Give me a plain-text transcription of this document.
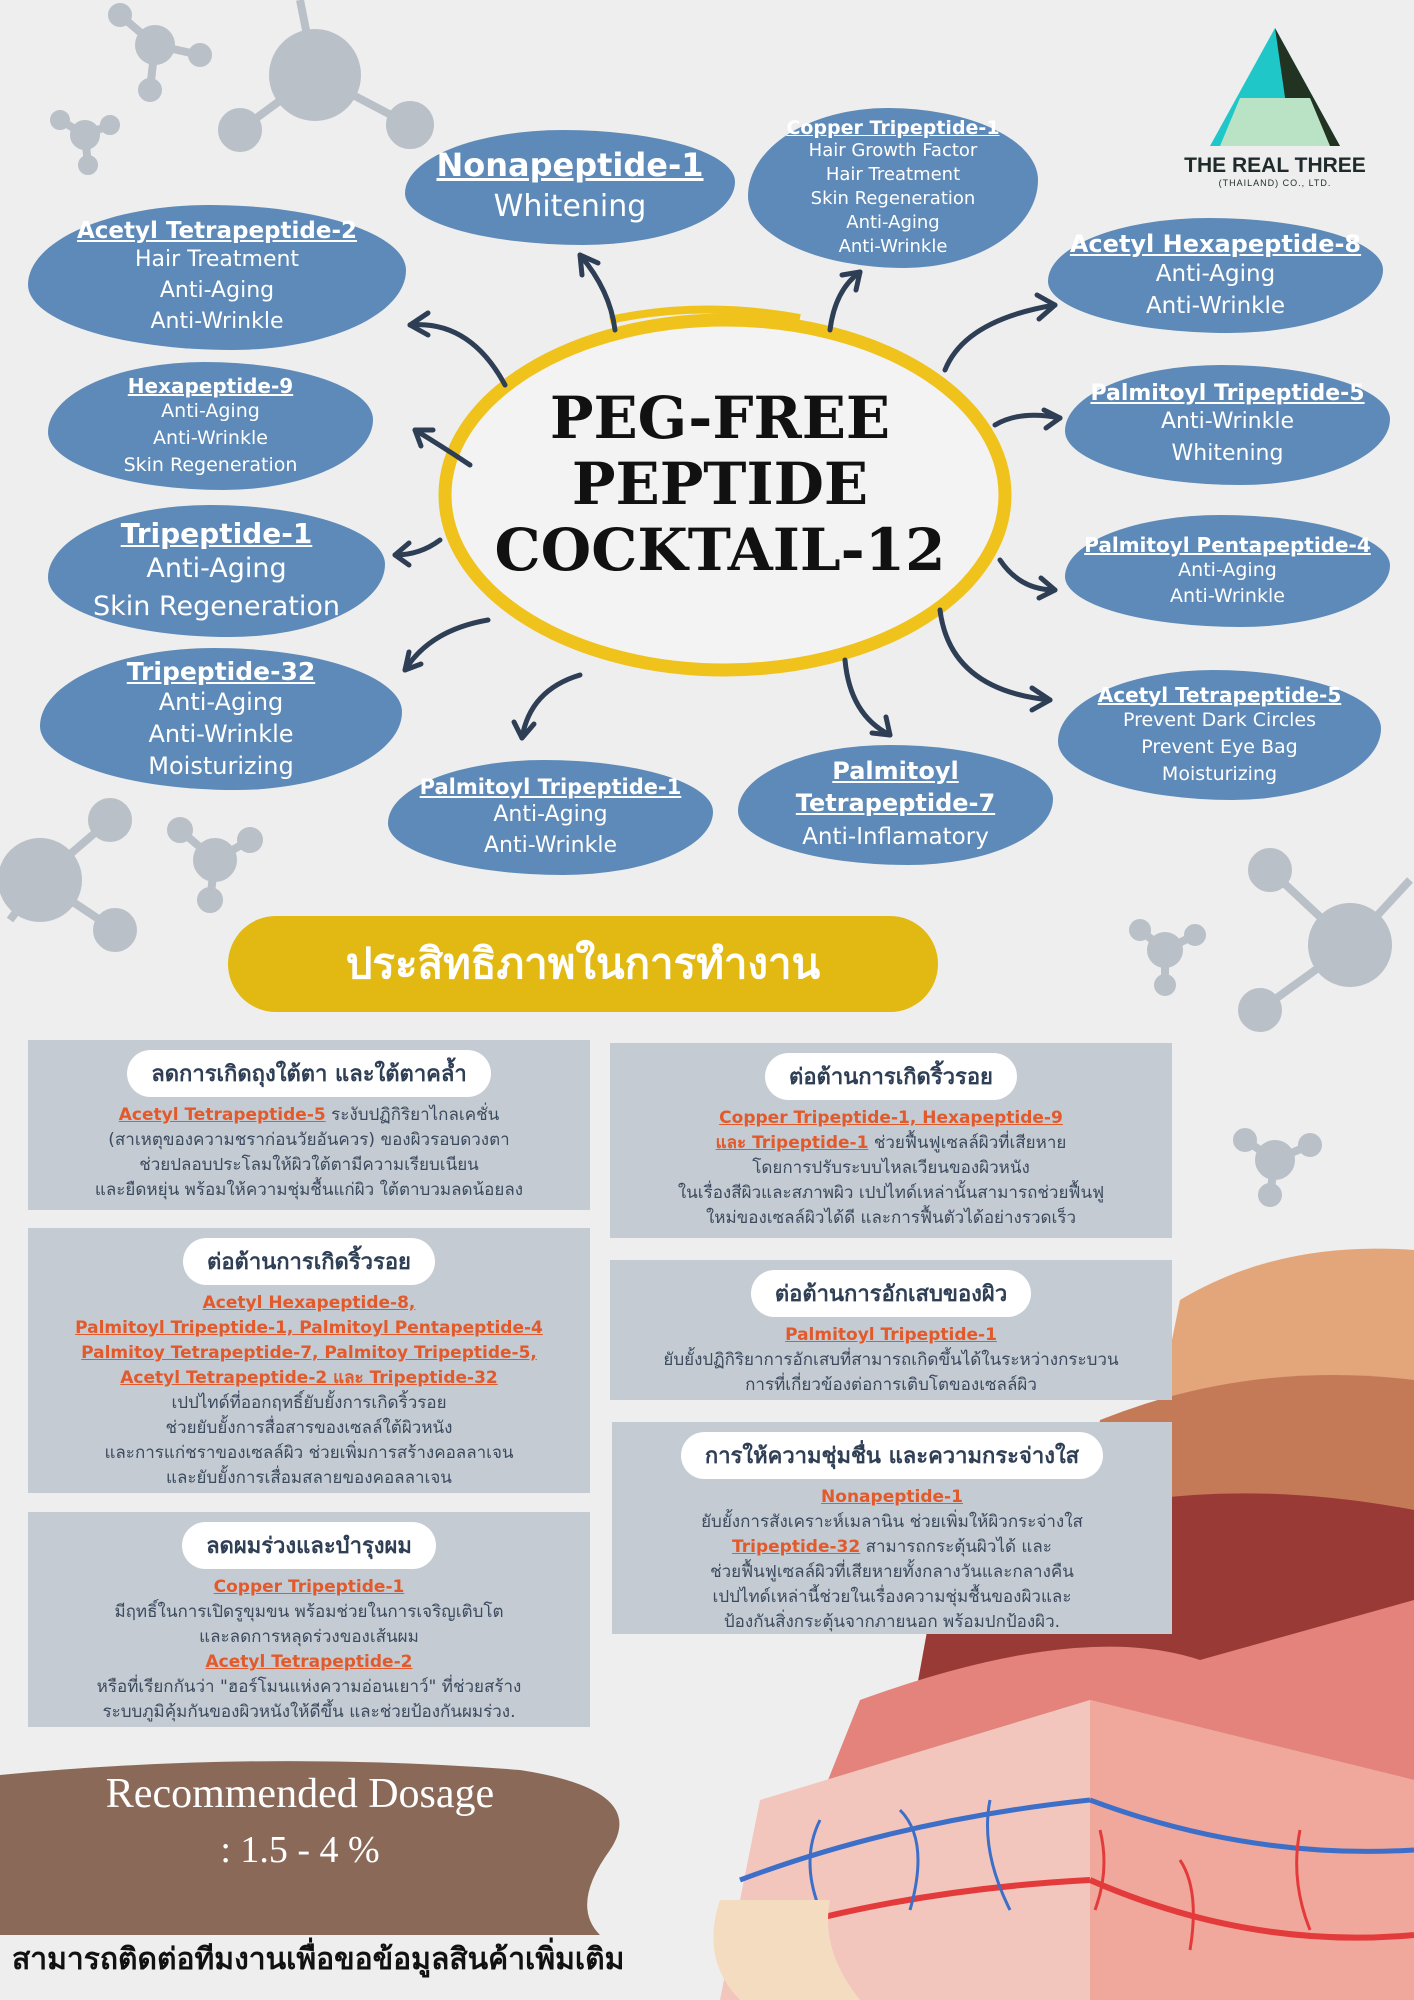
THE REAL THREE
(THAILAND) CO., LTD.
PEG-FREE
PEPTIDE
COCKTAIL-12
Acetyl Tetrapeptide-2
Hair Treatment
Anti-Aging
Anti-Wrinkle
Nonapeptide-1
Whitening
Copper Tripeptide-1
Hair Growth Factor
Hair Treatment
Skin Regeneration
Anti-Aging
Anti-Wrinkle	Acetyl Hexapeptide-8
Anti-Aging
Anti-Wrinkle
Hexapeptide-9
Anti-Aging
Anti-Wrinkle
Skin Regeneration
Palmitoyl Tripeptide-5
Anti-Wrinkle
Whitening
Tripeptide-1
Anti-Aging
Skin Regeneration
Palmitoyl Pentapeptide-4
Anti-Aging
Anti-Wrinkle
Tripeptide-32
Anti-Aging
Anti-Wrinkle
Moisturizing
Acetyl Tetrapeptide-5
Prevent Dark Circles
Prevent Eye Bag
Moisturizing
Palmitoyl Tripeptide-1
Anti-Aging
Anti-Wrinkle
Palmitoyl Tetrapeptide-7
Anti-Inflamatory
ประสิทธิภาพในการทำงาน
ลดการเกิดถุงใต้ตา และใต้ตาคล้ำ
Acetyl Tetrapeptide-5 ระงับปฏิกิริยาไกลเคชั่น
(สาเหตุของความชราก่อนวัยอันควร) ของผิวรอบดวงตา
ช่วยปลอบประโลมให้ผิวใต้ตามีความเรียบเนียน
และยืดหยุ่น พร้อมให้ความชุ่มชื้นแก่ผิว ใต้ตาบวมลดน้อยลง
ต่อต้านการเกิดริ้วรอย
Acetyl Hexapeptide-8,
Palmitoyl Tripeptide-1, Palmitoyl Pentapeptide-4
Palmitoy Tetrapeptide-7, Palmitoy Tripeptide-5,
Acetyl Tetrapeptide-2 และ Tripeptide-32
เปปไทด์ที่ออกฤทธิ์ยับยั้งการเกิดริ้วรอย
ช่วยยับยั้งการสื่อสารของเซลล์ใต้ผิวหนัง
และการแก่ชราของเซลล์ผิว ช่วยเพิ่มการสร้างคอลลาเจน
และยับยั้งการเสื่อมสลายของคอลลาเจน
ลดผมร่วงและบำรุงผม
Copper Tripeptide-1
มีฤทธิ์ในการเปิดรูขุมขน พร้อมช่วยในการเจริญเติบโต
และลดการหลุดร่วงของเส้นผม
Acetyl Tetrapeptide-2
หรือที่เรียกกันว่า "ฮอร์โมนแห่งความอ่อนเยาว์" ที่ช่วยสร้าง
ระบบภูมิคุ้มกันของผิวหนังให้ดีขึ้น และช่วยป้องกันผมร่วง.
ต่อต้านการเกิดริ้วรอย
Copper Tripeptide-1, Hexapeptide-9
และ Tripeptide-1 ช่วยฟื้นฟูเซลล์ผิวที่เสียหาย
โดยการปรับระบบไหลเวียนของผิวหนัง
ในเรื่องสีผิวและสภาพผิว เปปไทด์เหล่านั้นสามารถช่วยฟื้นฟู
ใหม่ของเซลล์ผิวได้ดี และการฟื้นตัวได้อย่างรวดเร็ว
ต่อต้านการอักเสบของผิว
Palmitoyl Tripeptide-1
ยับยั้งปฏิกิริยาการอักเสบที่สามารถเกิดขึ้นได้ในระหว่างกระบวน
การที่เกี่ยวข้องต่อการเติบโตของเซลล์ผิว
การให้ความชุ่มชื่น และความกระจ่างใส
Nonapeptide-1
ยับยั้งการสังเคราะห์เมลานิน ช่วยเพิ่มให้ผิวกระจ่างใส
Tripeptide-32 สามารถกระตุ้นผิวได้ และ
ช่วยฟื้นฟูเซลล์ผิวที่เสียหายทั้งกลางวันและกลางคืน
เปปไทด์เหล่านี้ช่วยในเรื่องความชุ่มชื้นของผิวและ
ป้องกันสิ่งกระตุ้นจากภายนอก พร้อมปกป้องผิว.
Recommended Dosage
: 1.5 - 4 %
สามารถติดต่อทีมงานเพื่อขอข้อมูลสินค้าเพิ่มเติม
